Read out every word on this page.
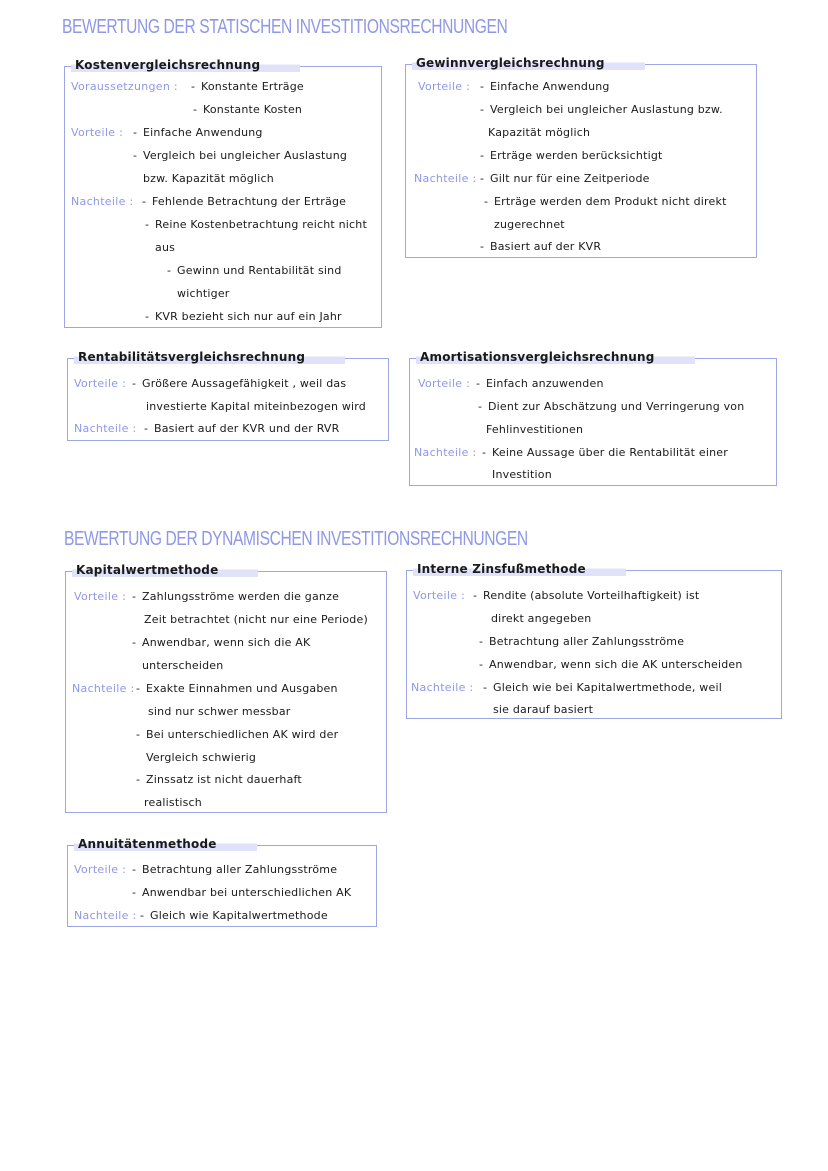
BEWERTUNG DER STATISCHEN INVESTITIONSRECHNUNGEN
BEWERTUNG DER DYNAMISCHEN INVESTITIONSRECHNUNGEN
Kostenvergleichsrechnung
Voraussetzungen : - Konstante Erträge
- Konstante Kosten
Vorteile : - Einfache Anwendung
- Vergleich bei ungleicher Auslastung
bzw. Kapazität möglich
Nachteile : - Fehlende Betrachtung der Erträge
- Reine Kostenbetrachtung reicht nicht
aus
- Gewinn und Rentabilität sind
wichtiger
- KVR bezieht sich nur auf ein Jahr
Gewinnvergleichsrechnung
Vorteile : - Einfache Anwendung
- Vergleich bei ungleicher Auslastung bzw.
Kapazität möglich
- Erträge werden berücksichtigt
Nachteile : - Gilt nur für eine Zeitperiode
- Erträge werden dem Produkt nicht direkt
zugerechnet
- Basiert auf der KVR
Rentabilitätsvergleichsrechnung
Vorteile : - Größere Aussagefähigkeit , weil das
investierte Kapital miteinbezogen wird
Nachteile : - Basiert auf der KVR und der RVR
Amortisationsvergleichsrechnung
Vorteile : - Einfach anzuwenden
- Dient zur Abschätzung und Verringerung von
Fehlinvestitionen
Nachteile : - Keine Aussage über die Rentabilität einer
Investition
Kapitalwertmethode
Vorteile : - Zahlungsströme werden die ganze
Zeit betrachtet (nicht nur eine Periode)
- Anwendbar, wenn sich die AK
unterscheiden
Nachteile : - Exakte Einnahmen und Ausgaben
sind nur schwer messbar
- Bei unterschiedlichen AK wird der
Vergleich schwierig
- Zinssatz ist nicht dauerhaft
realistisch
Interne Zinsfußmethode
Vorteile : - Rendite (absolute Vorteilhaftigkeit) ist
direkt angegeben
- Betrachtung aller Zahlungsströme
- Anwendbar, wenn sich die AK unterscheiden
Nachteile : - Gleich wie bei Kapitalwertmethode, weil
sie darauf basiert
Annuitätenmethode
Vorteile : - Betrachtung aller Zahlungsströme
- Anwendbar bei unterschiedlichen AK
Nachteile : - Gleich wie Kapitalwertmethode
